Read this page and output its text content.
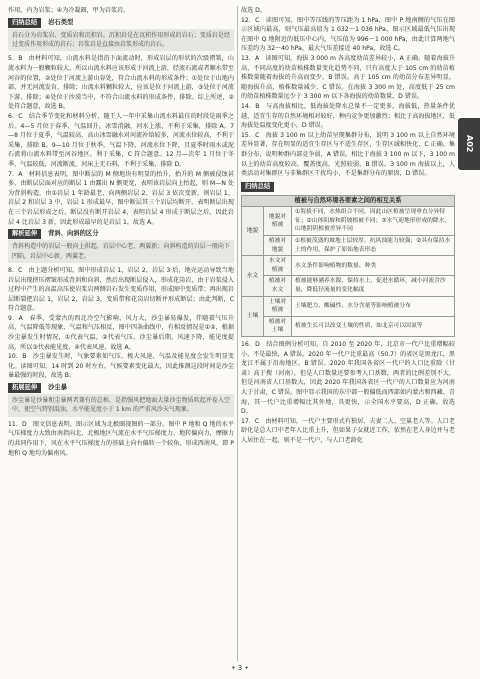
作用，内为岩浆；④为冷凝圈，甲为岩浆岩。

归纳总结 岩石类型

岩石分为岩浆岩、变质岩和沉积岩。沉积岩是在沉积作用形成的岩石；变质岩是经过变质作用形成的岩石；岩浆岩是直接由岩浆形成的岩石。

5．B　由材料可知，山流水料是指沿下面流动时，形成岩层的形状的次级褶皱，山流水料为一般颗粒较大，所以山流水料应该形成于河流上游，经流石流或者顺水带至河谷的位置，②处位于河流上游山谷处，符合山流水料的形成条件；①处位于山地内部，并无河流发育，排除；山流水料颗粒较大，应该是位于河流上游，③处位于河流下游，排除；④处位于沙漠当中，不符合山流水料的形成条件，排除。综上所述，②处符合题意，故选 B。

6．C　结合季节变化和材料分析，随王人一年中采集山流水料最佳的时段是雨季之后。4—5 月位于春季，气温回升，冰雪消融，河水上涨，不利于采集，排除 A。7—8 月位于夏季，气温较高，高山冰雪融水对河流补给较多，河流水位较高，不利于采集，排除 B。9—10 月位于秋季，气温下降，河流水位下降，且夏季时雨水或泥石流将山流水料带至河谷地区，利于采集，C 符合题意。12 月—次年 1 月位于冬季，气温较低，河流断流，河床上无石料，不利于采集，排除 D。

7．A　材料信息表明，图中断层的 M 侧地块有明显的抬升，抬升的 M 侧被侵蚀甚多，由断层层面对应的断层 1 由露出 N 侧更宽，表明该岩层向上抬起，则 M—N 处为背斜构造，由①岩层 1 年龄最老，向两侧岩层 2、岩层 3 依次变新，则岩层 1、岩层 2 和岩层 3 中，岩层 1 形成最早，图中断层其三个岩层均断开，表明断层出现在三个岩层形成之后，断层没有断开岩层 4，表明岩层 4 形成于断层之后，因此岩层 4 比岩层 3 新，因此形成最早的是岩层 1，故选 A。

解析延伸 背斜、向斜的区分

背斜构造中的岩层一般向上拱起，岩层中心老，两翼新；向斜构造的岩层一般向下凹陷，岩层中心新，两翼老。

8．C　由上题分析可知，图中形成岩层 1，岩层 2，岩层 3 后，地壳运动导致当地岩层出现挤压褶皱形成背斜和向斜，然后出现断层侵入，形成花岗岩，由于岩浆侵入过程中产生的高温高压使岩浆岩两侧岩石发生变质作用，形成图中变质带；再出现岩层断裂把岩层 1，岩层 2，岩层 3，变质带和花岗岩切断并形成断层；由此判断，C 符合题意。

9．A　春季，受蒙古的西北冷空气影响，风力大，沙尘暴易爆发，伴随着气压升高，气温降低等现象，气温和气压相反，图中四条曲线中，有相反情况是①②，根据沙尘暴发生时情况，①代表气温，②代表气压，沙尘暴后期，风速下降，能见度提高，所以③代表能见度，④代表风速，故选 A。

10．B　沙尘暴发生时，气象要素如气压、极大风速、气温及能见度会发生明显变化。读图可知，14 时到 20 时左右，气候要素变化最大，因此推测这段时间是沙尘暴最强的时段，故选 B。

拓展延伸 沙尘暴

沙尘暴是沙暴和尘暴两者兼有的总称，是指强风把地面大量沙尘物质吹起并卷入空中，使空气特别混浊，水平能见度小于 1 km 的严重风沙天气现象。

11．D　图文信息表明，图示区域为北极圈视图的一部分。图中 P 地和 Q 地的水平气压梯度力大致由南指向北，北极地区气流在水平气压梯度力、地转偏向力，摩擦力的共同作用下，风在水平气压梯度力的基础上向右偏转一个较角，形成西南风，即 P 地和 Q 地均为偏南风。

故选 D。

12．C　读图可知，图中等压线的等压距为 1 hPa，图中 P 地南侧的气压在图示区域内最高，则气压最高值为 1 032～1 036 hPa，图示区域最低气压出现在图中 Q 地附近的低压中心内，气压值为 996～1 000 hPa，由此计算两地气压差约为 32～40 hPa，最大气压差接近 40 hPa，故选 C。

13．A　读图可知，海拔 3 000 m 各高度幼苗差异较小，A 正确。随着海拔升高，不同高度的幼苗植株数量变化趋势不同，只有高度大于 105 cm 的幼苗植株数量随着海拔的升高而变少，B 错误。高于 105 cm 的幼苗分布差异明显，随海拔升高，植株数量减少，C 错误。在海拔 3 300 m 处，高度低于 25 cm 的幼苗植株数量远少于 3 300 m 以下各海拔的幼苗数量，D 错误。

14．B　与高海拔相比，低海拔处降水总量不一定更多，海拔低，热量条件优越，适宜生存的自然环境相对较好，种内竞争更加激烈；相比于高海拔地区，低海拔处温度变化更小，D 错误。

15．C　海拔 3 100 m 以上幼苗呈现集群分布，说明 3 100 m 以上自然环境差异显著，存在明显的适宜生存区与不适生存区，生存区域相快化，C 正确。集群分布，说明种群内部竞争弱，A 错误。相比于海拔 3 100 m 以下，3 100 m 以上的幼苗高度较高，覆盖度高，光照较弱，B 错误。3 100 m 海拔以上，人类活动对集群区与非集群区干扰均小，不是集群分布的原因，D 错误。

归纳总结
植被与自然环境各要素之间的相互关系		
地貌	地貌对植被	①海拔不同，水热组合不同，因此山区植被呈现垂直分异特征；②山体阳坡和阴坡植被不同；③水气迎地形形成的降水，山地阴阴植被差异不同
	植被对地貌	①植被茂盛的坡地土层较厚，抗风蚀能力较强；②具有保持水土的作用，保护了原始地表形态
水文	水文对植被	水文条件影响植物的数量、种类
	植被对水文	植被能够涵养水源，保持水土，促进水循环，减小河流含沙量，降低径流量的变化幅度
土壤	土壤对植被	土壤肥力、酸碱性、水分含量等影响植被分布
	植被对土壤	植被生长可以改变土壤的性质，如北京可以固氮等

16．D　结合图例分析可知，自 2010 至 2020 年，北京市一代户比重增幅较小，不是最快，A 错误。2020 年一代户比重最高（50.7）的省区是黑龙江，黑龙江不属于沿海地区，B 错误。2020 年我国各省区一代户的人口比重除（甘肃）高于搜（河南），但是人口数量还要参考人口基数，两者的比例差别不大，但是河南省人口基数大，因此 2020 年我国各省区一代户的人口数量应为河南大于甘肃，C 错误。图中显示我国的东中部一般偏低而西部如内蒙古和西藏、青海，其一代户比重增幅比其外地，具更快，示全国水平要高，D 正确。故选 D。

17．C　由材料可知，一代户主要形式有独居、夫妻二人、空巢老人等。人口老龄化是总人口中老年人比重上升，但如果子女就近工作，依然在老人身边并与老人居住在一起，则不是一代户，与人口老龄化

A02
• 3 •
